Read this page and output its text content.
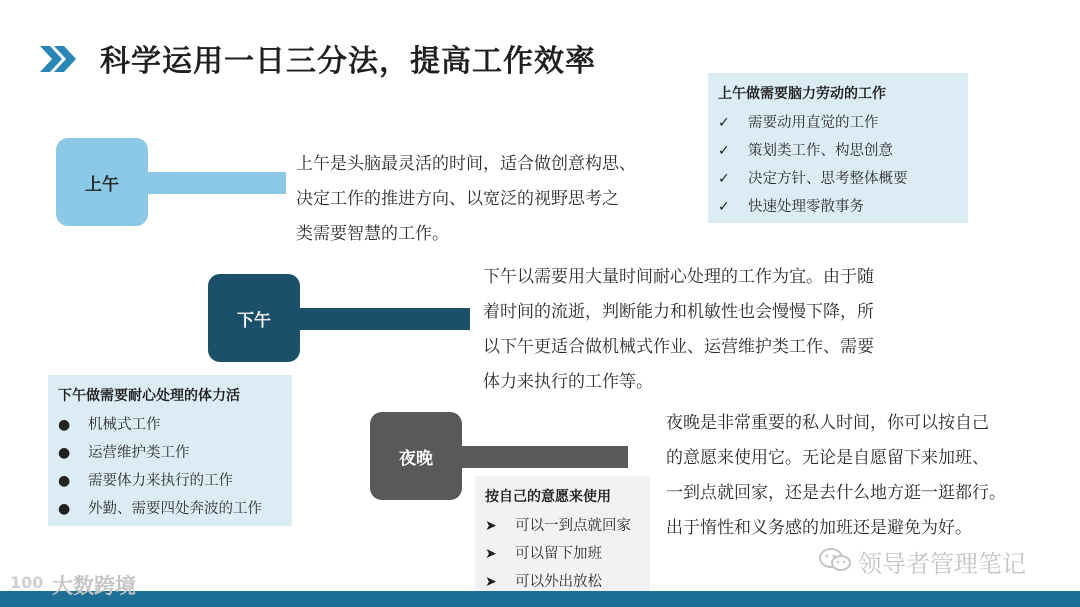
科学运用一日三分法，提高工作效率
上午
上午是头脑最灵活的时间，适合做创意构思、
决定工作的推进方向、以宽泛的视野思考之
类需要智慧的工作。
上午做需要脑力劳动的工作
✓	需要动用直觉的工作
✓	策划类工作、构思创意
✓	决定方针、思考整体概要
✓	快速处理零散事务
下午
下午以需要用大量时间耐心处理的工作为宜。由于随
着时间的流逝，判断能力和机敏性也会慢慢下降，所
以下午更适合做机械式作业、运营维护类工作、需要
体力来执行的工作等。
下午做需要耐心处理的体力活
●	机械式工作
●	运营维护类工作
●	需要体力来执行的工作
●	外勤、需要四处奔波的工作
夜晚
夜晚是非常重要的私人时间，你可以按自己
的意愿来使用它。无论是自愿留下来加班、
一到点就回家，还是去什么地方逛一逛都行。
出于惰性和义务感的加班还是避免为好。
按自己的意愿来使用
➤	可以一到点就回家
➤	可以留下加班
➤	可以外出放松
100 大数跨境
领导者管理笔记
